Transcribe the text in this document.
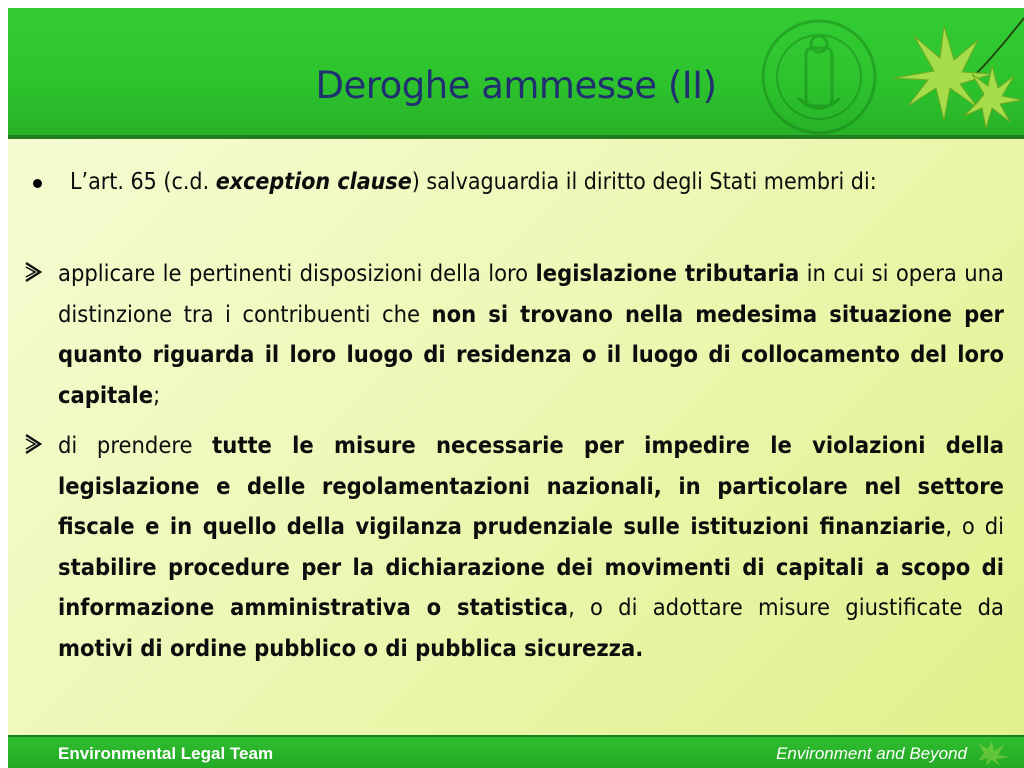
Deroghe ammesse (II)
L’art. 65 (c.d. exception clause) salvaguardia il diritto degli Stati membri di:
applicare le pertinenti disposizioni della loro legislazione tributaria in cui si opera una distinzione tra i contribuenti che non si trovano nella medesima situazione per quanto riguarda il loro luogo di residenza o il luogo di collocamento del loro capitale;
di prendere tutte le misure necessarie per impedire le violazioni della legislazione e delle regolamentazioni nazionali, in particolare nel settore fiscale e in quello della vigilanza prudenziale sulle istituzioni finanziarie, o di stabilire procedure per la dichiarazione dei movimenti di capitali a scopo di informazione amministrativa o statistica, o di adottare misure giustificate da motivi di ordine pubblico o di pubblica sicurezza.
Environmental Legal Team	Environment and Beyond
